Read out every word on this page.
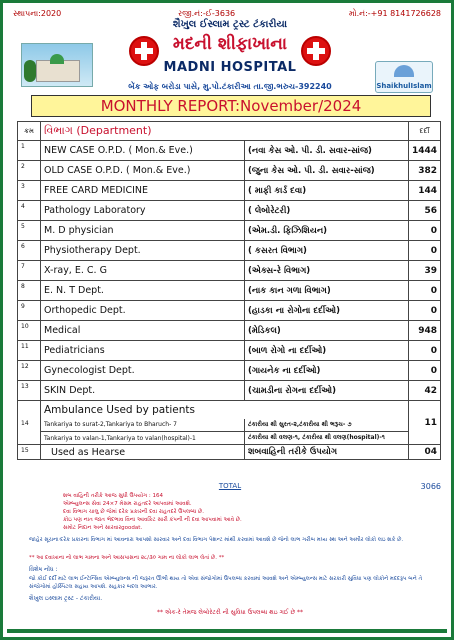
સ્થાપના:2020	રજી.નં:-ઈ-3636	મો.નં:-+91 8141726628
શૈખુલ ઈસ્લામ ટ્રસ્ટ ટંકારીયા
મદની શીફાખાના
MADNI HOSPITAL
ShaikhulIslam
બેંક ઓફ બરોડા પાસે, મુ.પો.ટંકારીઆ તા.જી.ભરુચ-392240
MONTHLY REPORT:November/2024
ક્રમ	વિભાગ (Department)		દર્દી
1	NEW CASE O.P.D. ( Mon.& Eve.)	(નવા કેસ ઓ. પી. ડી. સવાર-સાંજ)	1444
2	OLD CASE O.P.D. ( Mon.& Eve.)	(જુના કેસ ઓ. પી. ડી. સવાર-સાંજ)	382
3	FREE CARD MEDICINE	( માફી કાર્ડ દવા)	144
4	Pathology Laboratory	( લેબોરેટરી)	56
5	M. D physician	(એમ.ડી. ફિઝિશિયન)	0
6	Physiotherapy Dept.	( કસરત વિભાગ)	0
7	X-ray, E. C. G	(એક્સ-રે વિભાગ)	39
8	E. N. T Dept.	(નાક કાન ગળા વિભાગ)	0
9	Orthopedic Dept.	(હાડકા ના રોગોના દર્દીઓ)	0
10	Medical	(મેડિકલ)	948
11	Pediatricians	(બાળ રોગો ના દર્દીઓ)	0
12	Gynecologist Dept.	(ગાયનેક ના દર્દીઓ)	0
13	SKIN Dept.	(ચામડીના રોગના દર્દીઓ)	42
14	Ambulance Used by patients		11
	Tankariya to surat-2,Tankariya to Bharuch- 7	ટંકારીયા થી સુરત-૨,ટંકારીયા થી ભરૂચ- ૭	
	Tankariya to valan-1,Tankariya to valan(hospital)-1	ટંકારીયા થી વલણ-૧, ટંકારીયા થી વલણ(hospital)-૧	
15	Used as Hearse	શબવાહિની તરીકે ઉપયોગ	04
TOTAL	3066
શબ વાહિની તરીકે આજ સુધી ઉપયોગ : 164
એમ્બ્યુલન્સ સેવા 24×7 મેસમ રાહતદરે આપવામાં આવશે.
દવા વિભાગ ચાલુ છે જેમાં દરેક પ્રકારની દવા રાહતદરે ઉપલબ્ધ છે.
કોઇ પણ નાત જાત ભેદભાવ વિના આવકિટ સારી કંપની ની દવા આપવામાં આવે છે.
સમોટ નિદાન અને સારવારgoodat.
જાહેર સૂચનાઃદરેક પ્રકારના વિભાગ માં આવનારા આપશો સારવાર અને દવા વિભાગ પેશન્ટ માંથી કરવામાં આવશે છે જેનો લાભ ગરીબ મધ્ય સ્થ અને અમીર લોકો લઇ શકે છે.
** આ દવાખાના નો લાભ ગામના અને આસપાસના ૨૮/૩૦ ગામ ના લોકો લાભ લેતાં છે. **
વિશેષ નોંધ :
જો કોઈ દર્દી માટે લાભ ઈન્ટેન્સિવ એમ્બ્યુલન્સ ની જરૂરત ઊભી થાય તો એવા સંજોગોમાં ઉપલબ્ધ કરવામાં આવશે અને એમ્બ્યુલન્સ માટે સરકારી સુવિધા પણ લોકોને મદદરૂપ બને તે સંજોગોમાં હોસ્પિટલ સહાય આપશે. સહકાર બદલ આભાર.
શૈખુલ ઇસ્લામ ટ્રસ્ટ - ટંકારીયા.
** એક-રે તેમજ લેબોરેટરી ની સુવિધા ઉપલબ્ધ થઇ ગઈ છે **
